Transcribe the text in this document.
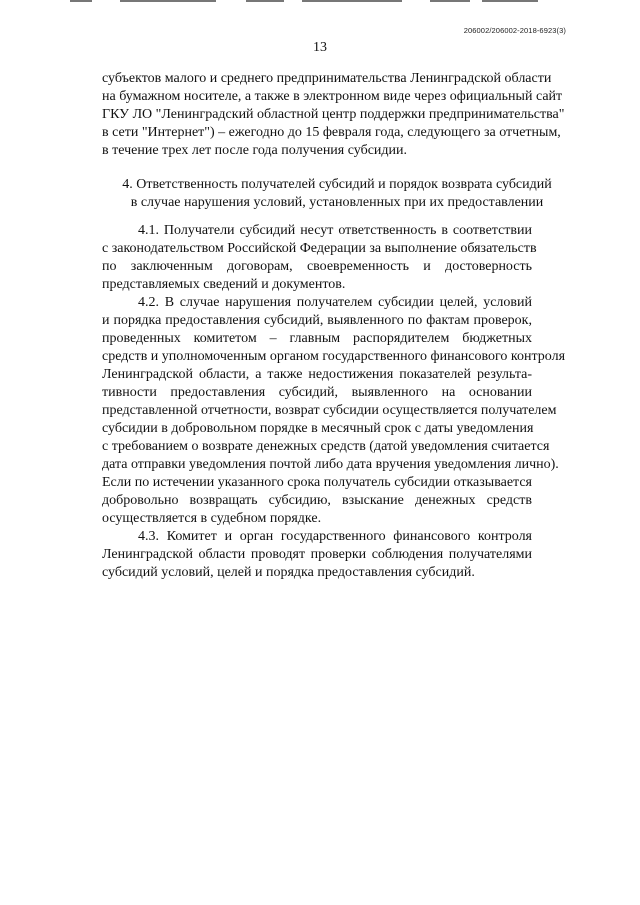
206002/206002-2018-6923(3)
13
субъектов малого и среднего предпринимательства Ленинградской области
на бумажном носителе, а также в электронном виде через официальный сайт
ГКУ ЛО "Ленинградский областной центр поддержки предпринимательства"
в сети "Интернет") – ежегодно до 15 февраля года, следующего за отчетным,
в течение трех лет после года получения субсидии.
4. Ответственность получателей субсидий и порядок возврата субсидий
в случае нарушения условий, установленных при их предоставлении
4.1. Получатели субсидий несут ответственность в соответствии
с законодательством Российской Федерации за выполнение обязательств
по заключенным договорам, своевременность и достоверность
представляемых сведений и документов.
4.2. В случае нарушения получателем субсидии целей, условий
и порядка предоставления субсидий, выявленного по фактам проверок,
проведенных комитетом – главным распорядителем бюджетных
средств и уполномоченным органом государственного финансового контроля
Ленинградской области, а также недостижения показателей результа-
тивности предоставления субсидий, выявленного на основании
представленной отчетности, возврат субсидии осуществляется получателем
субсидии в добровольном порядке в месячный срок с даты уведомления
с требованием о возврате денежных средств (датой уведомления считается
дата отправки уведомления почтой либо дата вручения уведомления лично).
Если по истечении указанного срока получатель субсидии отказывается
добровольно возвращать субсидию, взыскание денежных средств
осуществляется в судебном порядке.
4.3. Комитет и орган государственного финансового контроля
Ленинградской области проводят проверки соблюдения получателями
субсидий условий, целей и порядка предоставления субсидий.
